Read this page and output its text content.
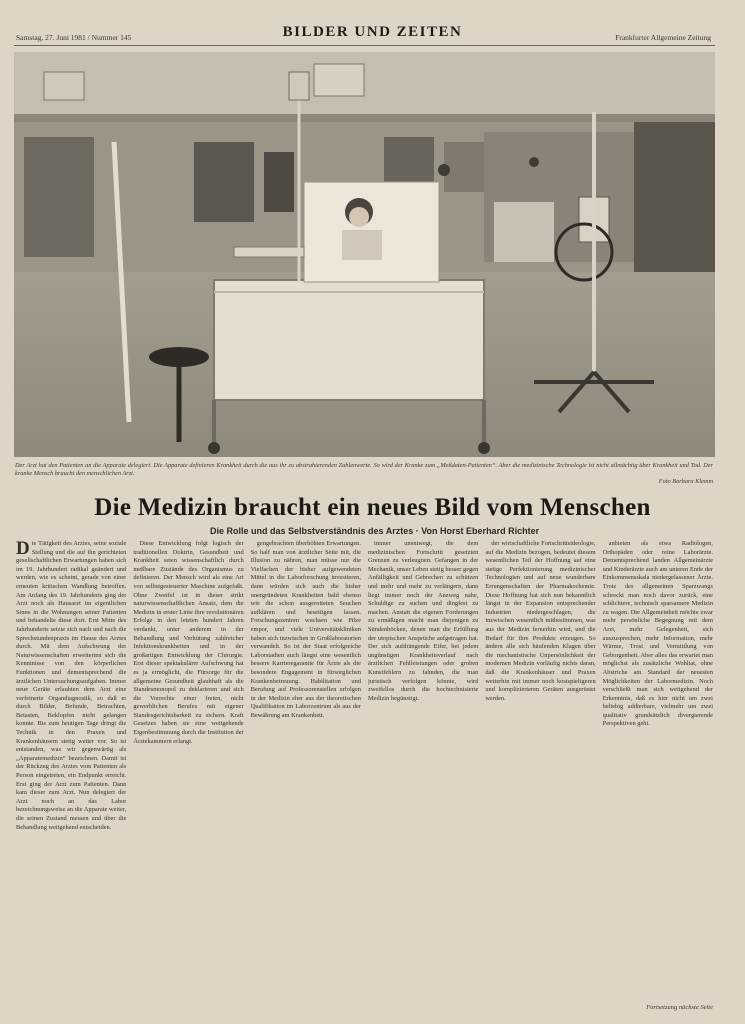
Samstag, 27. Juni 1981 / Nummer 145	BILDER UND ZEITEN	Frankfurter Allgemeine Zeitung
Der Arzt hat den Patienten an die Apparate delegiert. Die Apparate definieren Krankheit durch die aus ihr zu abstrahierenden Zahlenwerte. So wird der Kranke zum „Meßdaten-Patienten“. Aber die medizinische Technologie ist nicht allmächtig über Krankheit und Tod. Der kranke Mensch braucht den menschlichen Arzt.
Foto Barbara Klemm
Die Medizin braucht ein neues Bild vom Menschen
Die Rolle und das Selbstverständnis des Arztes · Von Horst Eberhard Richter
D ie Tätigkeit des Arztes, seine soziale Stellung und die auf ihn gerichteten gesellschaftlichen Erwartungen haben sich im 19. Jahrhundert radikal geändert und werden, wie es scheint, gerade von einer erneuten kritischen Wandlung betroffen. Am Anfang des 19. Jahrhunderts ging der Arzt noch als Hausarzt im eigentlichen Sinne in die Wohnungen seiner Patienten und behandelte diese dort. Erst Mitte des Jahrhunderts setzte sich nach und nach die Sprechstundenpraxis im Hause des Arztes durch. Mit dem Aufschwung der Naturwissenschaften erweiterten sich die Kenntnisse von den körperlichen Funktionen und dementsprechend die ärztlichen Untersuchungsaufgaben. Immer neue Geräte erlaubten dem Arzt eine verfeinerte Organdiagnostik, so daß er durch Bilder, Befunde, Betrachten, Betasten, Beklopfen nicht gelangen konnte. Bis zum heutigen Tage dringt die Technik in den Praxen und Krankenhäusern stetig weiter vor. So ist entstanden, was wir gegenwärtig als „Apparatemedizin“ bezeichnen. Damit ist der Rückzug des Arztes vom Patienten als Person eingetreten, ein Endpunkt erreicht. Erst ging der Arzt zum Patienten. Dann kam dieser zum Arzt. Nun delegiert der Arzt noch an das Labor bezeichnungsweise an die Apparate weiter, die seinen Zustand messen und über die Behandlung weitgehend entscheiden.

Diese Entwicklung folgt logisch der traditionellen Doktrin, Gesundheit und Krankheit seien wissenschaftlich durch meßbare Zustände des Organismus zu definieren. Der Mensch wird als eine Art von selbstgesteuerter Maschine aufgefaßt. Ohne Zweifel ist in dieser strikt naturwissenschaftlichen Ansatz, dem die Medizin in erster Linie ihre revolutionären Erfolge in den letzten hundert Jahren verdankt, unter anderem in der Behandlung und Verhütung zahlreicher Infektionskrankheiten und in der großartigen Entwicklung der Chirurgie. Erst dieser spektakulärer Aufschwung hat es ja ermöglicht, die Fürsorge für die allgemeine Gesundheit glaubhaft als die Standesmonopol zu deklarieren und sich die Vorrechte einer freien, nicht gewerblichen Berufes mit eigener Standesgerichtsbarkeit zu sichern. Kraft Gesetzes haben sie eine weitgehende Eigenbestimmung durch die Institution der Ärztekammern erlangt.

gengebrachten überhöhten Erwartungen. So half man von ärztlicher Seite mit, die Illusion zu nähren, man müsse nur die Vielfachen der bisher aufgewendeten Mittel in die Laborforschung investieren, dann würden sich auch die bisher unergründeten Krankheiten bald ebenso wie die schon ausgerotteten Seuchen aufklären und beseitigen lassen. Forschungszentren wuchsen wie Pilze empor, und viele Universitätskliniken haben sich inzwischen in Großlaboratorien verwandelt. So ist der Staat erfolgreiche Laborstadien auch längst eine wesentlich bessere Karrieregarantie für Ärzte als die besondere Engagement in fürsorglichen Krankenbetreuung. Habilitation und Berufung auf Professorenstellen erfolgen in der Medizin eher aus der theoretischen Qualifikation im Laborzentrum als aus der Bewährung am Krankenbett.

immer unentwegt, die dem medizinischen Fortschritt gesetzten Grenzen zu verleugnen. Gefangen in der Mechanik, unser Leben stetig besser gegen Anfälligkeit und Gebrechen zu schützen und mehr und mehr zu verlängern, dann liegt immer noch der Anzweg nahe, Schuldige zu suchen und dingfest zu machen. Anstatt die eigenen Forderungen zu ermäßigen macht man diejenigen zu Sündenböcken, denen man die Erfüllung der utopischen Ansprüche aufgetragen hat. Der sich aufdrängende Eifer, bei jedem ungünstigen Krankheitsverlauf nach ärztlichen Fehlleistungen oder groben Kunstfehlern zu fahnden, die man juristisch verfolgen könnte, wird zweifellos durch die hochtechnisierte Medizin begünstigt.

der wirtschaftliche Fortschrittsideologie, auf die Medizin bezogen, bedeutet diesem wesentlichen Teil der Hoffnung auf eine stetige Perfektionierung medizinischer Technologien und auf neue wunderbare Errungenschaften der Pharmakochemie. Diese Hoffnung hat sich nun bekanntlich längst in der Expansion entsprechender Industrien niedergeschlagen, die inzwischen wesentlich mitbestimmen, was aus der Medizin fernerhin wird, und die Bedarf für ihre Produkte erzeugen. So ändern alle sich häufenden Klagen über die mechanistische Unpersönlichkeit der modernen Medizin vorläufig nichts daran, daß die Krankenhäuser und Praxen weiterhin mit immer noch kostspieligeren und komplizierteren Geräten ausgerüstet werden.

anbieten als etwa Radiologen, Orthopäden oder reine Laborärzte. Dementsprechend landen Allgemeinärzte und Kinderärzte auch am unteren Ende der Einkommensskala niedergelassener Ärzte. Trotz des allgemeinen Sparzwangs schreckt man noch davor zurück, eine schlichtere, technisch sparsamere Medizin zu wagen. Die Allgemeinheit möchte zwar mehr persönliche Begegnung mit dem Arzt, mehr Gelegenheit, sich auszusprechen, mehr Information, mehr Wärme, Trost und Vermittlung von Geborgenheit. Aber alles das erwartet man möglichst als zusätzliche Wohltat, ohne Abstriche am Standard der neuesten Möglichkeiten der Labormedizin. Noch verschließt man sich weitgehend der Erkenntnis, daß es hier nicht um zwei beliebig addierbare, vielmehr um zwei qualitativ grundsätzlich divergierende Perspektiven geht.

Fortsetzung nächste Seite
